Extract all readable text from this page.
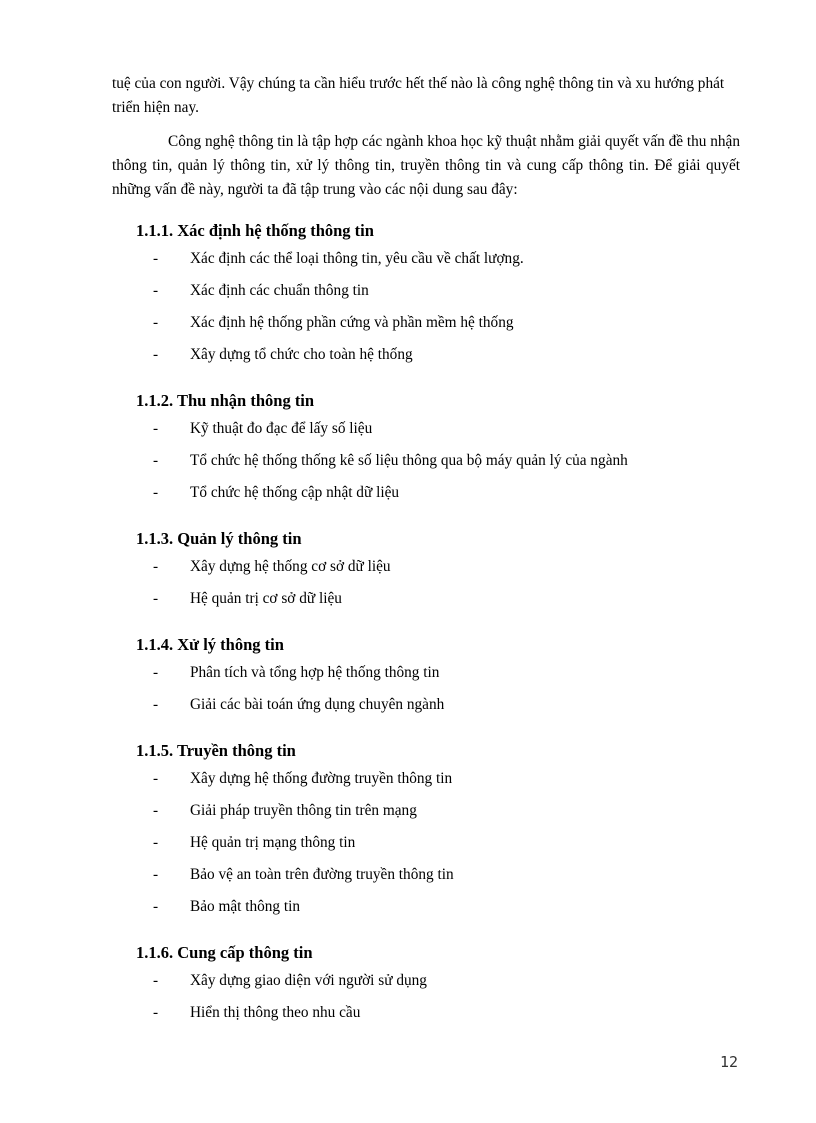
tuệ của con người. Vậy chúng ta cần hiểu trước hết thế nào là công nghệ thông tin và xu hướng phát triển hiện nay.

Công nghệ thông tin là tập hợp các ngành khoa học kỹ thuật nhằm giải quyết vấn đề thu nhận thông tin, quản lý thông tin, xử lý thông tin, truyền thông tin và cung cấp thông tin. Để giải quyết những vấn đề này, người ta đã tập trung vào các nội dung sau đây:

1.1.1. Xác định hệ thống thông tin
- Xác định các thể loại thông tin, yêu cầu về chất lượng.
- Xác định các chuẩn thông tin
- Xác định hệ thống phần cứng và phần mềm hệ thống
- Xây dựng tổ chức cho toàn hệ thống
1.1.2. Thu nhận thông tin
- Kỹ thuật đo đạc để lấy số liệu
- Tổ chức hệ thống thống kê số liệu thông qua bộ máy quản lý của ngành
- Tổ chức hệ thống cập nhật dữ liệu
1.1.3. Quản lý thông tin
- Xây dựng hệ thống cơ sở dữ liệu
- Hệ quản trị cơ sở dữ liệu
1.1.4. Xử lý thông tin
- Phân tích và tổng hợp hệ thống thông tin
- Giải các bài toán ứng dụng chuyên ngành
1.1.5. Truyền thông tin
- Xây dựng hệ thống đường truyền thông tin
- Giải pháp truyền thông tin trên mạng
- Hệ quản trị mạng thông tin
- Bảo vệ an toàn trên đường truyền thông tin
- Bảo mật thông tin
1.1.6. Cung cấp thông tin
- Xây dựng giao diện với người sử dụng
- Hiển thị thông theo nhu cầu
12
